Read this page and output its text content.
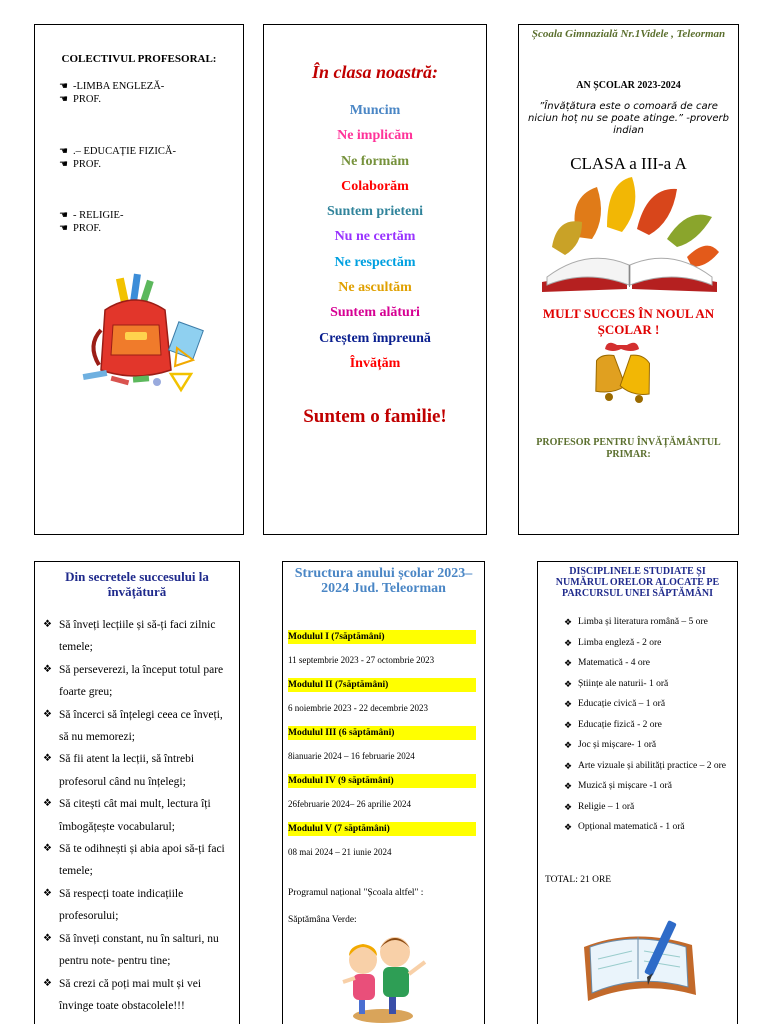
COLECTIVUL PROFESORAL:
☚ -LIMBA ENGLEZĂ-
☚ PROF.
☚ .– EDUCAȚIE FIZICĂ-
☚ PROF.
☚ - RELIGIE-
☚ PROF.
În clasa noastră:
Muncim
Ne implicăm
Ne formăm
Colaborăm
Suntem prieteni
Nu ne certăm
Ne respectăm
Ne ascultăm
Suntem alături
Creștem împreună
Învățăm
Suntem o familie!
Școala Gimnazială Nr.1Videle , Teleorman
AN ȘCOLAR 2023-2024
”Învățătura este o comoară de care niciun hoț nu se poate atinge.” -proverb indian
CLASA a III-a A
MULT SUCCES ÎN NOUL AN ȘCOLAR !
PROFESOR PENTRU ÎNVĂȚĂMÂNTUL PRIMAR:
Din secretele succesului la învățătură
❖ Să înveți lecțiile și să-ți faci zilnic temele;
❖ Să perseverezi, la început totul pare foarte greu;
❖ Să încerci să înțelegi ceea ce înveți, să nu memorezi;
❖ Să fii atent la lecții, să întrebi profesorul când nu înțelegi;
❖ Să citești cât mai mult, lectura îți îmbogățește vocabularul;
❖ Să te odihnești și abia apoi să-ți faci temele;
❖ Să respecți toate indicațiile profesorului;
❖ Să înveți constant, nu în salturi, nu pentru note- pentru tine;
❖ Să crezi că poți mai mult și vei învinge toate obstacolele!!!
Structura anului școlar 2023– 2024 Jud. Teleorman
Modulul I (7săptămâni)
11 septembrie 2023 - 27 octombrie 2023
Modulul II (7săptămâni)
6 noiembrie 2023 - 22 decembrie 2023
Modulul III (6 săptămâni)
8ianuarie 2024 – 16 februarie 2024
Modulul IV (9 săptămâni)
26februarie 2024– 26 aprilie 2024
Modulul V (7 săptămâni)
08 mai 2024 – 21 iunie 2024
Programul național "Școala altfel" :
Săptămâna Verde:
DISCIPLINELE STUDIATE ȘI NUMĂRUL ORELOR ALOCATE PE PARCURSUL UNEI SĂPTĂMÂNI
❖ Limba și literatura română – 5 ore
❖ Limba engleză - 2 ore
❖ Matematică - 4 ore
❖ Științe ale naturii- 1 oră
❖ Educație civică – 1 oră
❖ Educație fizică - 2 ore
❖ Joc și mișcare- 1 oră
❖ Arte vizuale și abilități practice – 2 ore
❖ Muzică și mișcare -1 oră
❖ Religie – 1 oră
❖ Opțional matematică - 1 oră
TOTAL: 21 ORE
